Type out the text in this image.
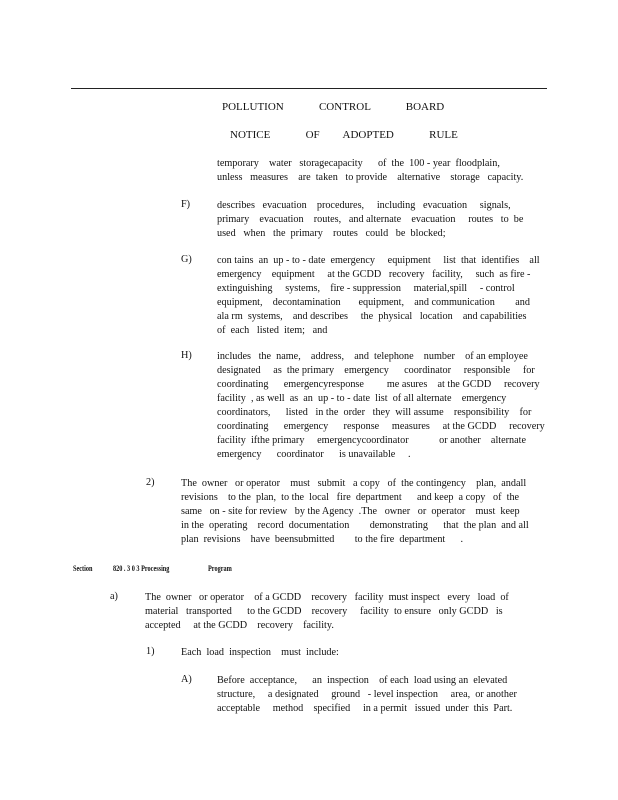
POLLUTION   CONTROL   BOARD
NOTICE   OF  ADOPTED   RULE
temporary    water   storagecapacity      of  the  100 - year  floodplain,
unless   measures    are  taken   to provide    alternative    storage   capacity.
F)	describes   evacuation    procedures,     including   evacuation     signals,
primary    evacuation    routes,   and alternate    evacuation     routes   to  be
used   when   the  primary    routes   could   be  blocked;
G) con tains  an  up - to - date  emergency     equipment     list  that  identifies    all
emergency    equipment     at the GCDD   recovery   facility,     such  as fire -
extinguishing     systems,    fire - suppression     material,spill     - control
equipment,    decontamination       equipment,    and communication        and
ala rm  systems,    and describes     the  physical   location    and capabilities
of  each   listed  item;   and
H) includes   the  name,    address,    and  telephone    number    of an employee
designated     as  the primary    emergency      coordinator     responsible     for
coordinating      emergencyresponse         me asures    at the GCDD     recovery
facility  , as well  as  an  up - to - date  list  of all alternate    emergency
coordinators,      listed   in the  order   they  will assume    responsibility    for
coordinating      emergency      response     measures     at the GCDD     recovery
facility  ifthe primary     emergencycoordinator            or another    alternate
emergency      coordinator      is unavailable     .
2)	The  owner   or operator    must   submit   a copy   of  the contingency    plan,  andall
revisions    to the  plan,  to the  local   fire  department      and keep  a copy   of  the
same   on - site for review   by the Agency  .The   owner   or  operator    must  keep
in the  operating    record  documentation        demonstrating      that  the plan  and all
plan  revisions    have  beensubmitted        to the fire  department      .
Section	820 . 3 0 3 Processing	Program
a)	The  owner   or operator    of a GCDD    recovery   facility  must inspect   every   load  of
material   transported      to the GCDD    recovery     facility  to ensure   only GCDD   is
accepted     at the GCDD    recovery    facility.
1)	Each  load  inspection    must  include:
A) Before  acceptance,      an  inspection    of each  load using an  elevated
structure,     a designated     ground   - level inspection     area,  or another
acceptable     method    specified     in a permit   issued  under  this  Part.
